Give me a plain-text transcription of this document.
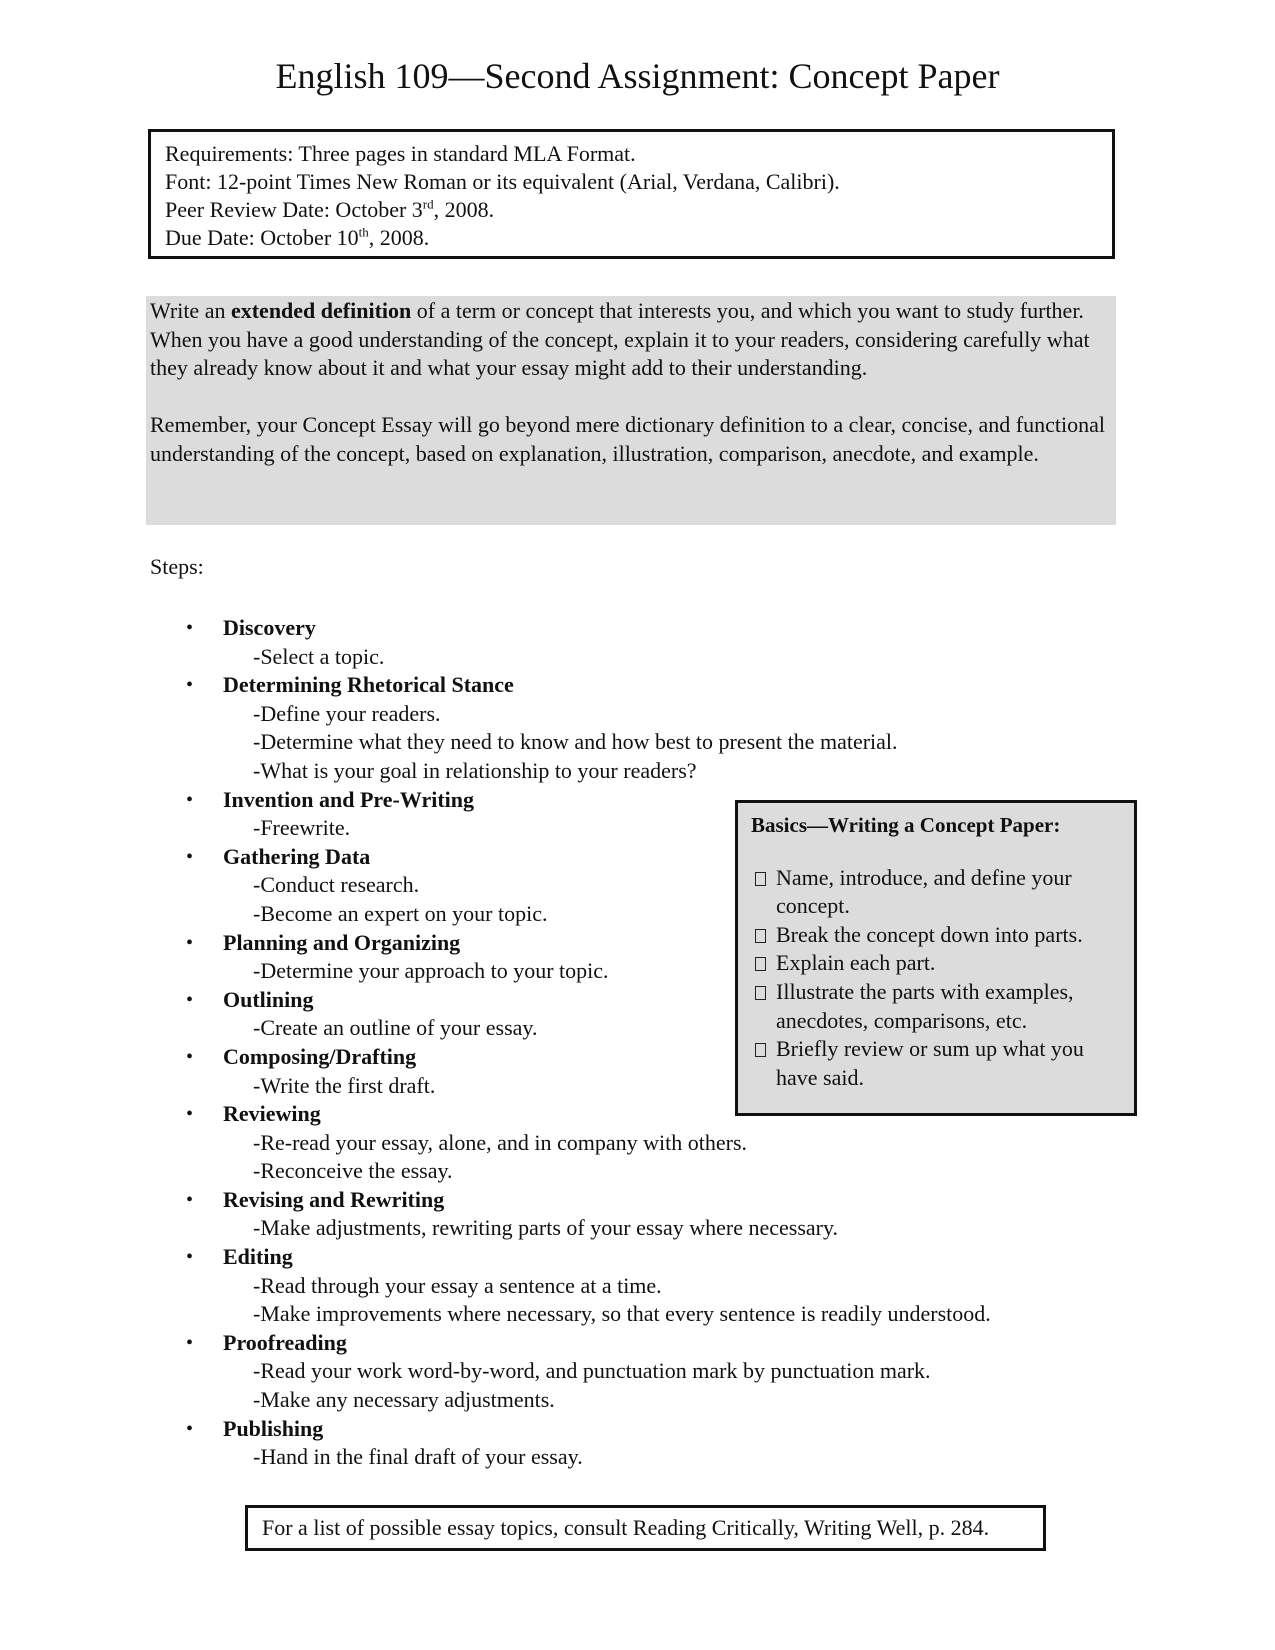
English 109—Second Assignment: Concept Paper
Requirements: Three pages in standard MLA Format.
Font: 12-point Times New Roman or its equivalent (Arial, Verdana, Calibri).
Peer Review Date: October 3rd, 2008.
Due Date: October 10th, 2008.

Write an extended definition of a term or concept that interests you, and which you want to study further. When you have a good understanding of the concept, explain it to your readers, considering carefully what they already know about it and what your essay might add to their understanding.

Remember, your Concept Essay will go beyond mere dictionary definition to a clear, concise, and functional understanding of the concept, based on explanation, illustration, comparison, anecdote, and example.

Steps:
• Discovery
-Select a topic.
• Determining Rhetorical Stance
-Define your readers.
-Determine what they need to know and how best to present the material.
-What is your goal in relationship to your readers?
• Invention and Pre-Writing
-Freewrite.
• Gathering Data
-Conduct research.
-Become an expert on your topic.
• Planning and Organizing
-Determine your approach to your topic.
• Outlining
-Create an outline of your essay.
• Composing/Drafting
-Write the first draft.
• Reviewing
-Re-read your essay, alone, and in company with others.
-Reconceive the essay.
• Revising and Rewriting
-Make adjustments, rewriting parts of your essay where necessary.
• Editing
-Read through your essay a sentence at a time.
-Make improvements where necessary, so that every sentence is readily understood.
• Proofreading
-Read your work word-by-word, and punctuation mark by punctuation mark.
-Make any necessary adjustments.
• Publishing
-Hand in the final draft of your essay.
Basics—Writing a Concept Paper:
Name, introduce, and define your concept.
Break the concept down into parts.
Explain each part.
Illustrate the parts with examples, anecdotes, comparisons, etc.
Briefly review or sum up what you have said.
For a list of possible essay topics, consult Reading Critically, Writing Well, p. 284.
